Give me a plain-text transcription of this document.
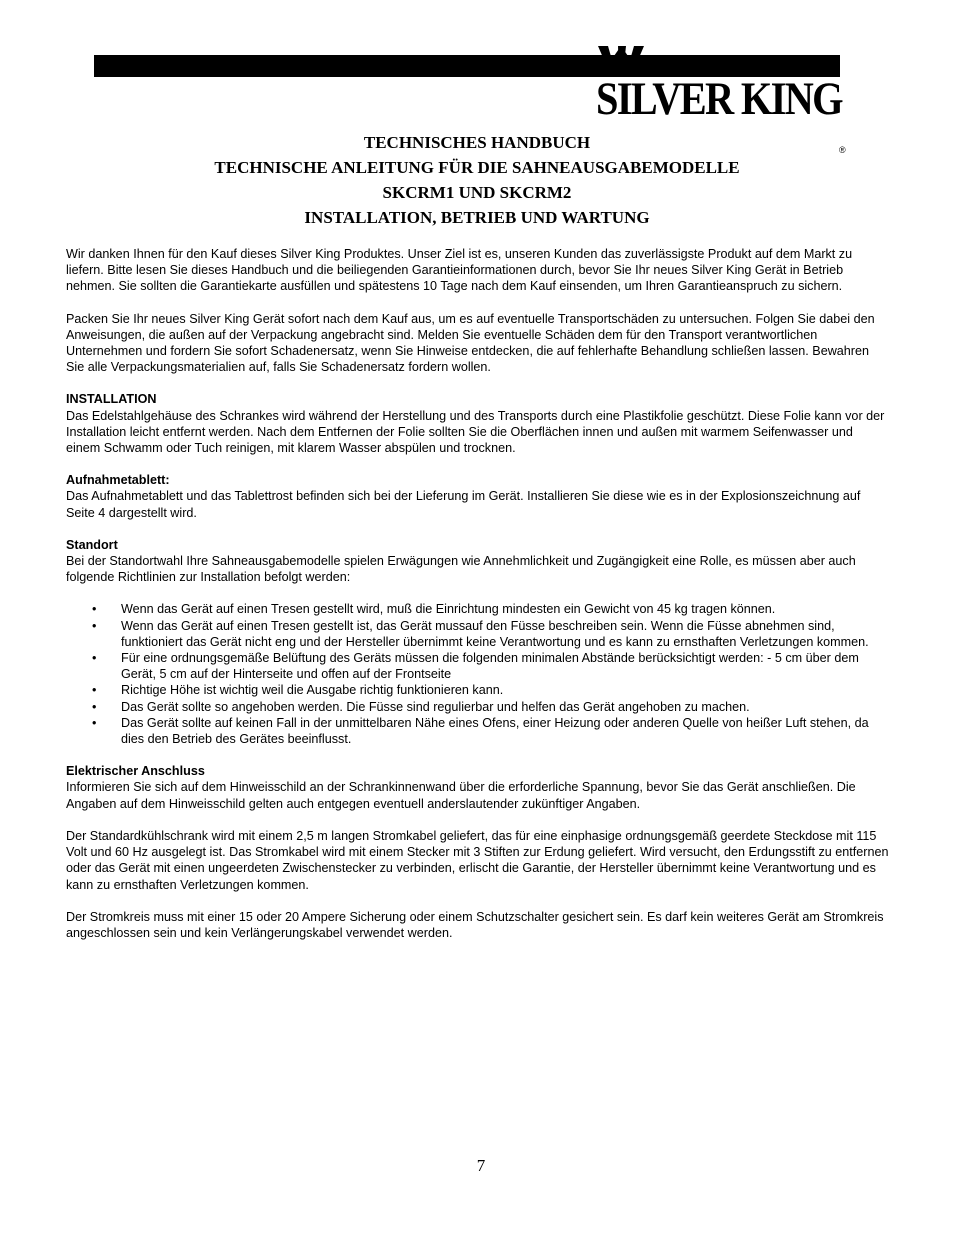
SILVER KING
®
TECHNISCHES HANDBUCH
TECHNISCHE ANLEITUNG FÜR DIE SAHNEAUSGABEMODELLE
SKCRM1 UND SKCRM2
INSTALLATION, BETRIEB UND WARTUNG

Wir danken Ihnen für den Kauf dieses Silver King Produktes. Unser Ziel ist es, unseren Kunden das zuverlässigste Produkt auf dem Markt zu liefern. Bitte lesen Sie dieses Handbuch und die beiliegenden Garantieinformationen durch, bevor Sie Ihr neues Silver King Gerät in Betrieb nehmen. Sie sollten die Garantiekarte ausfüllen und spätestens 10 Tage nach dem Kauf einsenden, um Ihren Garantieanspruch zu sichern.

Packen Sie Ihr neues Silver King Gerät sofort nach dem Kauf aus, um es auf eventuelle Transportschäden zu untersuchen. Folgen Sie dabei den Anweisungen, die außen auf der Verpackung angebracht sind. Melden Sie eventuelle Schäden dem für den Transport verantwortlichen Unternehmen und fordern Sie sofort Schadenersatz, wenn Sie Hinweise entdecken, die auf fehlerhafte Behandlung schließen lassen. Bewahren Sie alle Verpackungsmaterialien auf, falls Sie Schadenersatz fordern wollen.

INSTALLATION

Das Edelstahlgehäuse des Schrankes wird während der Herstellung und des Transports durch eine Plastikfolie geschützt. Diese Folie kann vor der Installation leicht entfernt werden. Nach dem Entfernen der Folie sollten Sie die Oberflächen innen und außen mit warmem Seifenwasser und einem Schwamm oder Tuch reinigen, mit klarem Wasser abspülen und trocknen.

Aufnahmetablett:

Das Aufnahmetablett und das Tablettrost befinden sich bei der Lieferung im Gerät. Installieren Sie diese wie es in der Explosionszeichnung auf Seite 4 dargestellt wird.

Standort

Bei der Standortwahl Ihre Sahneausgabemodelle spielen Erwägungen wie Annehmlichkeit und Zugängigkeit eine Rolle, es müssen aber auch folgende Richtlinien zur Installation befolgt werden:

• Wenn das Gerät auf einen Tresen gestellt wird, muß die Einrichtung mindesten ein Gewicht von 45 kg tragen können.
• Wenn das Gerät auf einen Tresen gestellt ist, das Gerät mussauf den Füsse beschreiben sein. Wenn die Füsse abnehmen sind, funktioniert das Gerät nicht eng und der Hersteller übernimmt keine Verantwortung und es kann zu ernsthaften Verletzungen kommen.
• Für eine ordnungsgemäße Belüftung des Geräts müssen die folgenden minimalen Abstände berücksichtigt werden: - 5 cm über dem Gerät, 5 cm auf der Hinterseite und offen auf der Frontseite
• Richtige Höhe ist wichtig weil die Ausgabe richtig funktionieren kann.
• Das Gerät sollte so angehoben werden. Die Füsse sind regulierbar und helfen das Gerät angehoben zu machen.
• Das Gerät sollte auf keinen Fall in der unmittelbaren Nähe eines Ofens, einer Heizung oder anderen Quelle von heißer Luft stehen, da dies den Betrieb des Gerätes beeinflusst.
Elektrischer Anschluss

Informieren Sie sich auf dem Hinweisschild an der Schrankinnenwand über die erforderliche Spannung, bevor Sie das Gerät anschließen. Die Angaben auf dem Hinweisschild gelten auch entgegen eventuell anderslautender zukünftiger Angaben.

Der Standardkühlschrank wird mit einem 2,5 m langen Stromkabel geliefert, das für eine einphasige ordnungsgemäß geerdete Steckdose mit 115 Volt und 60 Hz ausgelegt ist. Das Stromkabel wird mit einem Stecker mit 3 Stiften zur Erdung geliefert. Wird versucht, den Erdungsstift zu entfernen oder das Gerät mit einen ungeerdeten Zwischenstecker zu verbinden, erlischt die Garantie, der Hersteller übernimmt keine Verantwortung und es kann zu ernsthaften Verletzungen kommen.

Der Stromkreis muss mit einer 15 oder 20 Ampere Sicherung oder einem Schutzschalter gesichert sein. Es darf kein weiteres Gerät am Stromkreis angeschlossen sein und kein Verlängerungskabel verwendet werden.

7
